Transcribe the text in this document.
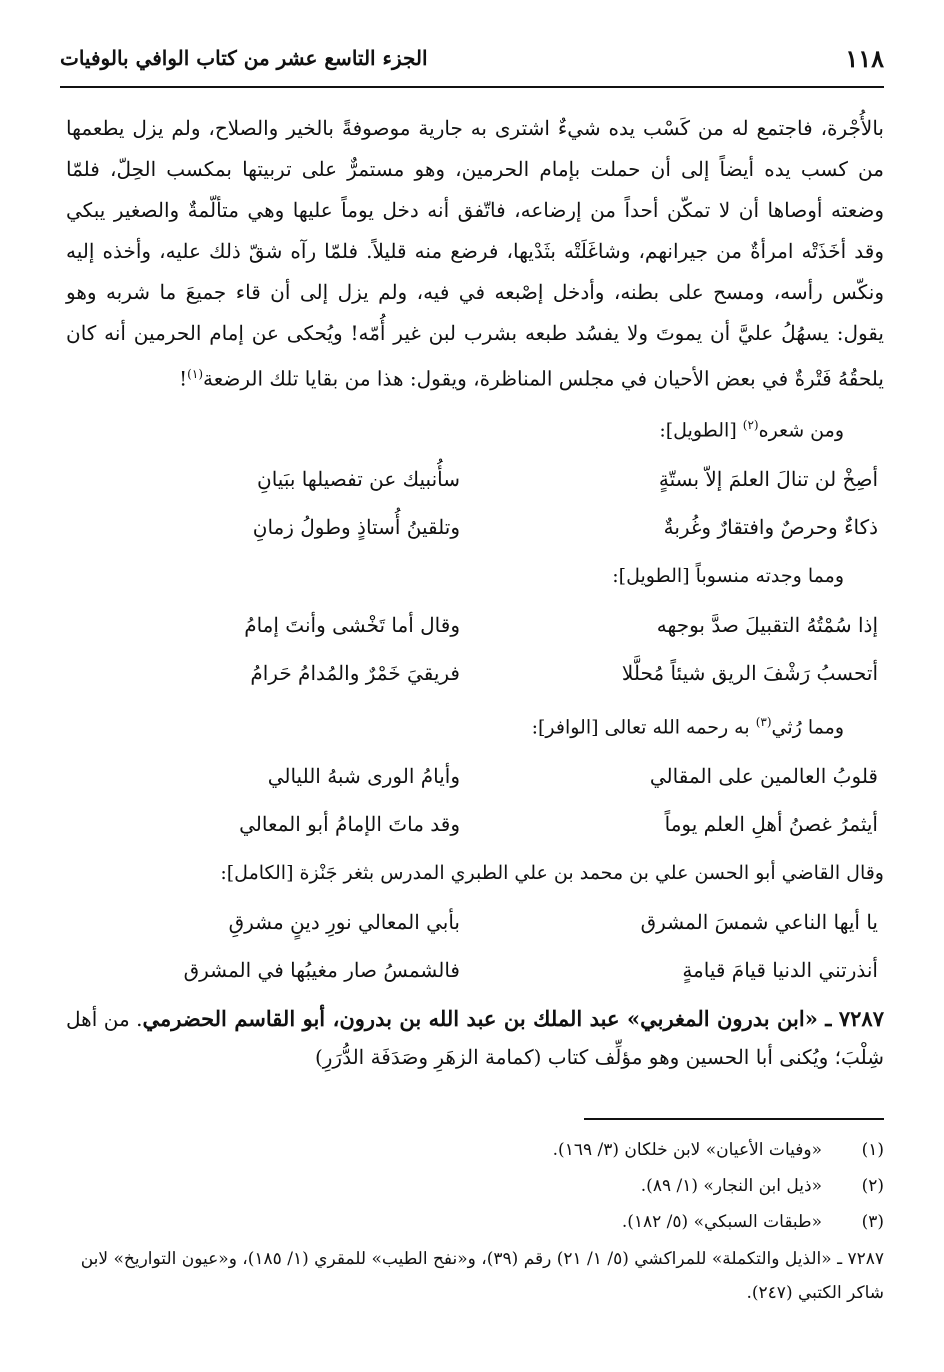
١١٨
الجزء التاسع عشر من كتاب الوافي بالوفيات

بالأُجْرة، فاجتمع له من كَسْب يده شيءٌ اشترى به جارية موصوفةً بالخير والصلاح، ولم يزل يطعمها من كسب يده أيضاً إلى أن حملت بإمام الحرمين، وهو مستمرٌّ على تربيتها بمكسب الحِلّ، فلمّا وضعته أوصاها أن لا تمكّن أحداً من إرضاعه، فاتّفق أنه دخل يوماً عليها وهي متألّمةٌ والصغير يبكي وقد أخَذَتْه امرأةٌ من جيرانهم، وشاغَلَتْه بثَدْيها، فرضع منه قليلاً. فلمّا رآه شقّ ذلك عليه، وأخذه إليه ونكّس رأسه، ومسح على بطنه، وأدخل إصْبعه في فيه، ولم يزل إلى أن قاء جميعَ ما شربه وهو يقول: يسهُلُ عليَّ أن يموتَ ولا يفسُد طبعه بشرب لبن غير أُمّه! ويُحكى عن إمام الحرمين أنه كان يلحقُهُ فَتْرةٌ في بعض الأحيان في مجلس المناظرة، ويقول: هذا من بقايا تلك الرضعة$^{(١)}$!

ومن شعره$^{(٢)}$ [الطويل]:
أصِخْ لن تنالَ العلمَ إلاّ بستّةٍ
سأُنبيك عن تفصيلها ببَيانِ
ذكاءٌ وحرصٌ وافتقارٌ وغُربةٌ
وتلقينُ أُستاذٍ وطولُ زمانِ
ومما وجدته منسوباً [الطويل]:
إذا سُمْتُهُ التقبيلَ صدَّ بوجهه
وقال أما تَخْشى وأنتَ إمامُ
أتحسبُ رَشْفَ الريق شيئاً مُحلَّلا
فريقيَ خَمْرٌ والمُدامُ حَرامُ
ومما رُثي$^{(٣)}$ به رحمه الله تعالى [الوافر]:
قلوبُ العالمين على المقالي
وأيامُ الورى شبهُ الليالي
أيثمرُ غصنُ أهلِ العلم يوماً
وقد ماتَ الإمامُ أبو المعالي
وقال القاضي أبو الحسن علي بن محمد بن علي الطبري المدرس بثغر جَنْزة [الكامل]:
يا أيها الناعي شمسَ المشرق
بأبي المعالي نورِ دينٍ مشرقِ
أنذرتني الدنيا قيامَ قيامةٍ
فالشمسُ صار مغيبُها في المشرق

٧٢٨٧ ـ «ابن بدرون المغربي» عبد الملك بن عبد الله بن بدرون، أبو القاسم الحضرمي. من أهل شِلْبَ؛ ويُكنى أبا الحسين وهو مؤلِّف كتاب (كمامة الزهَرِ وصَدَفَة الدُّرَرِ)

(١)
«وفيات الأعيان» لابن خلكان (٣/ ١٦٩).
(٢)
«ذيل ابن النجار» (١/ ٨٩).
(٣)
«طبقات السبكي» (٥/ ١٨٢).
٧٢٨٧ ـ «الذيل والتكملة» للمراكشي (٥/ ١/ ٢١) رقم (٣٩)، و«نفح الطيب» للمقري (١/ ١٨٥)، و«عيون التواريخ» لابن شاكر الكتبي (٢٤٧).
